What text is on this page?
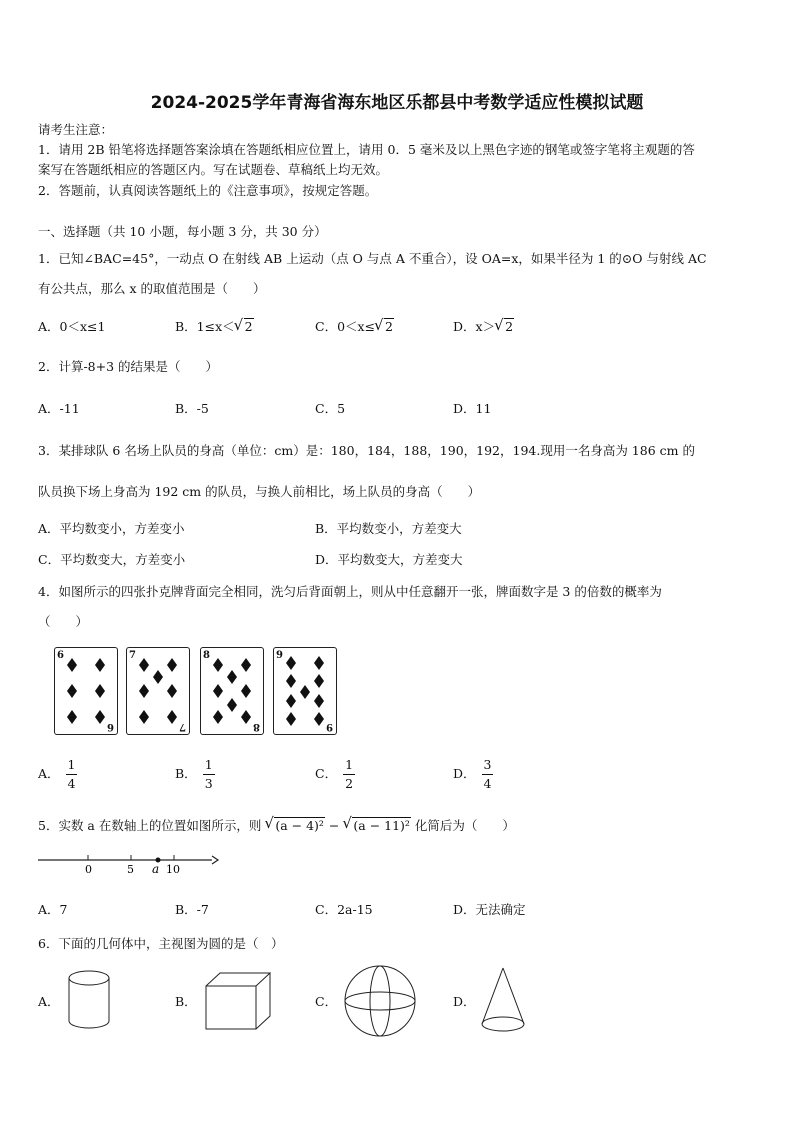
2024-2025学年青海省海东地区乐都县中考数学适应性模拟试题
请考生注意：
1．请用 2B 铅笔将选择题答案涂填在答题纸相应位置上，请用 0．5 毫米及以上黑色字迹的钢笔或签字笔将主观题的答
案写在答题纸相应的答题区内。写在试题卷、草稿纸上均无效。
2．答题前，认真阅读答题纸上的《注意事项》，按规定答题。
一、选择题（共 10 小题，每小题 3 分，共 30 分）
1．已知∠BAC=45°，一动点 O 在射线 AB 上运动（点 O 与点 A 不重合），设 OA=x，如果半径为 1 的⊙O 与射线 AC
有公共点，那么 x 的取值范围是（　　）
A．0＜x≤1	B．1≤x＜ √ 2	C．0＜x≤ √ 2	D．x＞ √ 2
2．计算-8+3 的结果是（　　）
A．-11	B．-5	C．5	D．11
3．某排球队 6 名场上队员的身高（单位：cm）是：180，184，188，190，192，194.现用一名身高为 186 cm 的
队员换下场上身高为 192 cm 的队员，与换人前相比，场上队员的身高（　　）
A．平均数变小，方差变小	B．平均数变小，方差变大
C．平均数变大，方差变小	D．平均数变大，方差变大
4．如图所示的四张扑克牌背面完全相同，洗匀后背面朝上，则从中任意翻开一张，牌面数字是 3 的倍数的概率为
（　　）
6
6
7
7
8
8
9
9
A． $\frac{1}{4}$	B． $\frac{1}{3}$	C． $\frac{1}{2}$	D． $\frac{3}{4}$
5．实数 a 在数轴上的位置如图所示，则 √ (a − 4)² − √ (a − 11)² 化简后为（　　）
0	5 a 10
A．7	B．-7	C．2a-15	D．无法确定
6．下面的几何体中，主视图为圆的是（　）
A．	B．	C．	D．
